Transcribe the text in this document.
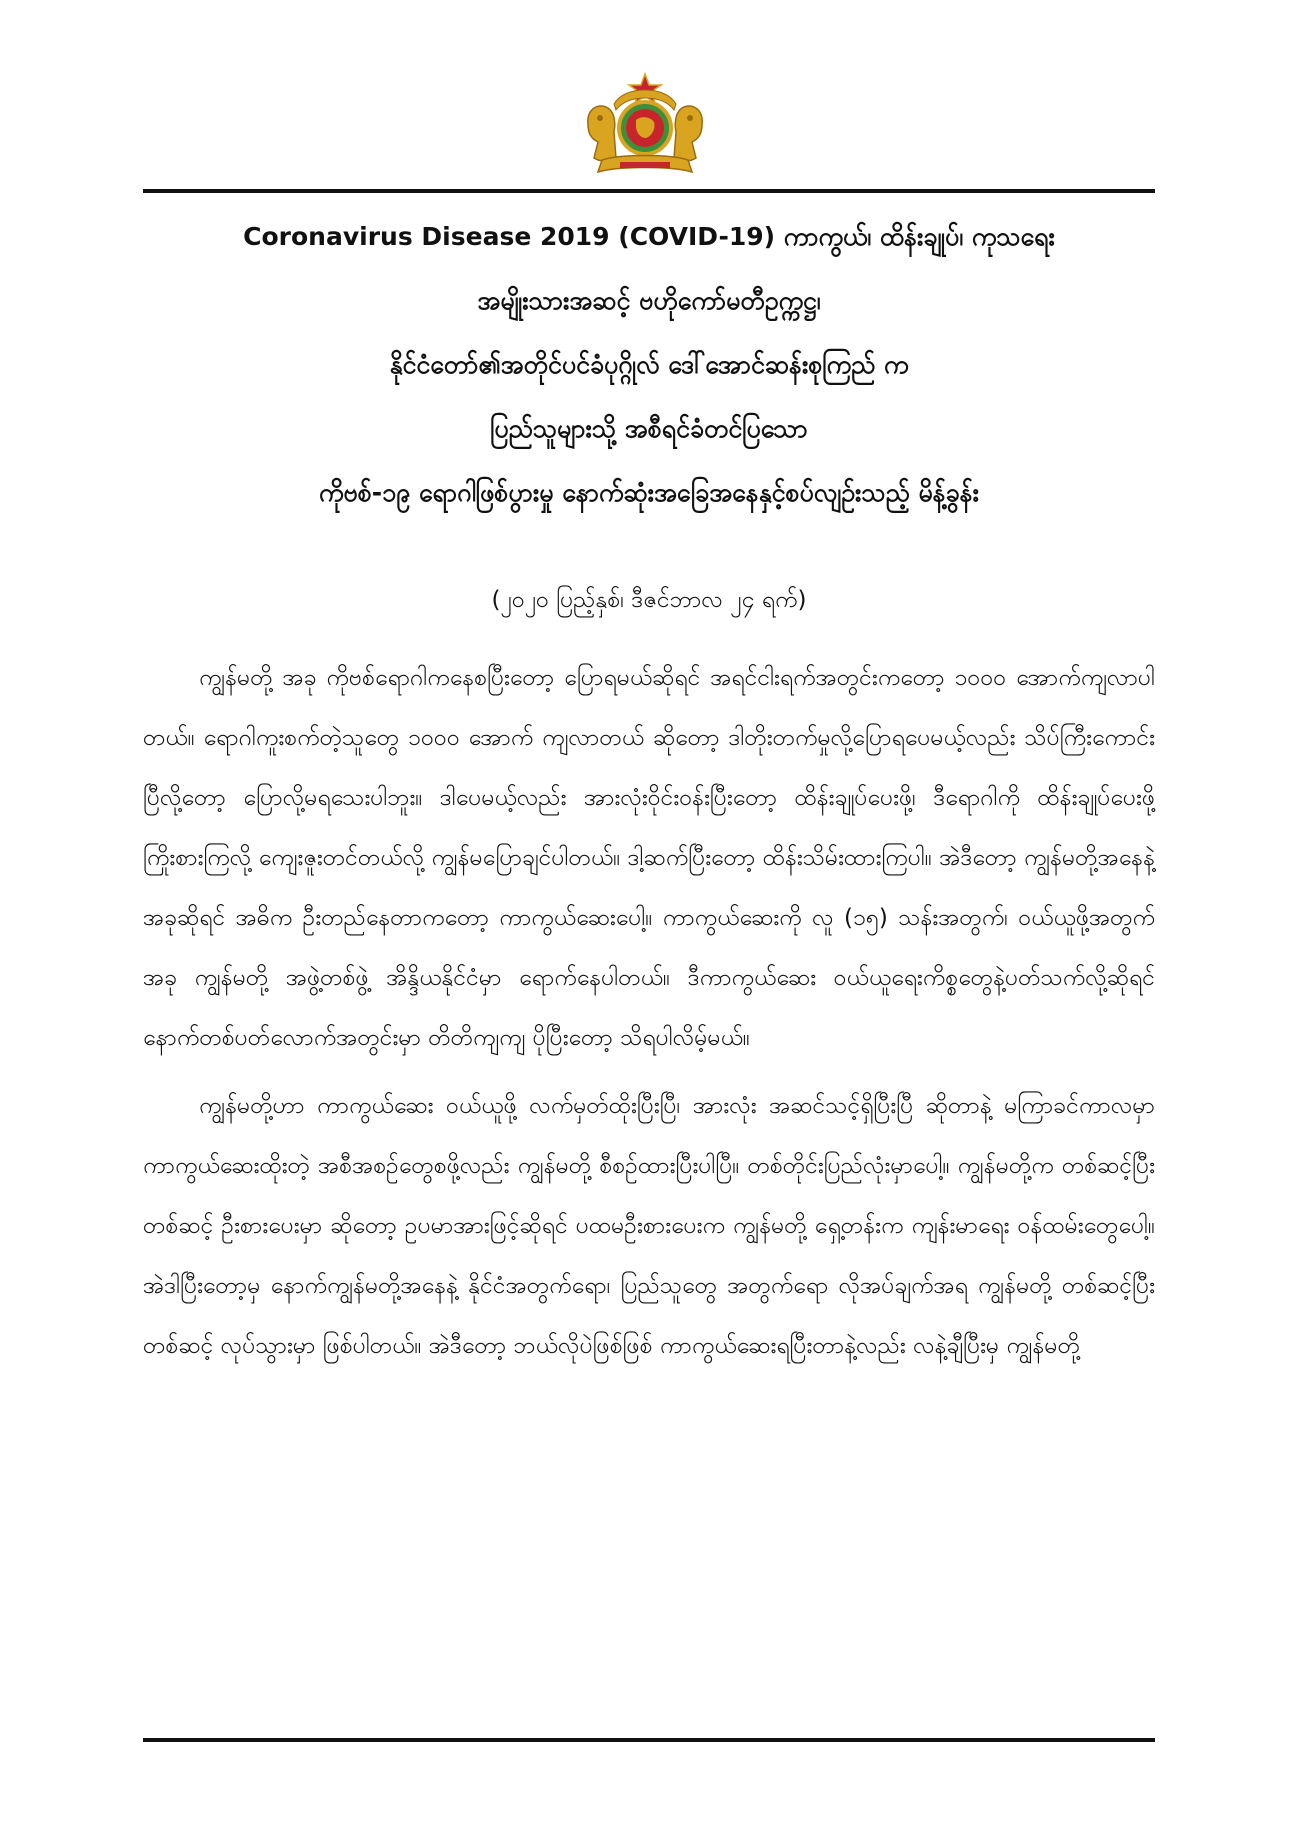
Coronavirus Disease 2019 (COVID-19) ကာကွယ်၊ ထိန်းချုပ်၊ ကုသရေး
အမျိုးသားအဆင့် ဗဟိုကော်မတီဥက္ကဋ္ဌ၊
နိုင်ငံတော်၏အတိုင်ပင်ခံပုဂ္ဂိုလ် ဒေါ်အောင်ဆန်းစုကြည် က
ပြည်သူများသို့ အစီရင်ခံတင်ပြသော
ကိုဗစ်-၁၉ ရောဂါဖြစ်ပွားမှု နောက်ဆုံးအခြေအနေနှင့်စပ်လျဉ်းသည့် မိန့်ခွန်း
(၂၀၂၀ ပြည့်နှစ်၊ ဒီဇင်ဘာလ ၂၄ ရက်)

ကျွန်မတို့ အခု ကိုဗစ်ရောဂါကနေစပြီးတော့ ပြောရမယ်ဆိုရင် အရင်ငါးရက်အတွင်းကတော့ ၁၀၀၀ အောက်ကျလာပါတယ်။ ရောဂါကူးစက်တဲ့သူတွေ ၁၀၀၀ အောက် ကျလာတယ် ဆိုတော့ ဒါတိုးတက်မှုလို့ပြောရပေမယ့်လည်း သိပ်ကြီးကောင်းပြီလို့တော့ ပြောလို့မရသေးပါဘူး။ ဒါပေမယ့်လည်း အားလုံးဝိုင်းဝန်းပြီးတော့ ထိန်းချုပ်ပေးဖို့၊ ဒီရောဂါကို ထိန်းချုပ်ပေးဖို့ ကြိုးစားကြလို့ ကျေးဇူးတင်တယ်လို့ ကျွန်မပြောချင်ပါတယ်။ ဒါ့ဆက်ပြီးတော့ ထိန်းသိမ်းထားကြပါ။ အဲဒီတော့ ကျွန်မတို့အနေနဲ့ အခုဆိုရင် အဓိက ဦးတည်နေတာကတော့ ကာကွယ်ဆေးပေါ့။ ကာကွယ်ဆေးကို လူ (၁၅) သန်းအတွက်၊ ဝယ်ယူဖို့အတွက် အခု ကျွန်မတို့ အဖွဲ့တစ်ဖွဲ့ အိန္ဒိယနိုင်ငံမှာ ရောက်နေပါတယ်။ ဒီကာကွယ်ဆေး ဝယ်ယူရေးကိစ္စတွေနဲ့ပတ်သက်လို့ဆိုရင် နောက်တစ်ပတ်လောက်အတွင်းမှာ တိတိကျကျ ပိုပြီးတော့ သိရပါလိမ့်မယ်။

ကျွန်မတို့ဟာ ကာကွယ်ဆေး ဝယ်ယူဖို့ လက်မှတ်ထိုးပြီးပြီ၊ အားလုံး အဆင်သင့်ရှိပြီးပြီ ဆိုတာနဲ့ မကြာခင်ကာလမှာ ကာကွယ်ဆေးထိုးတဲ့ အစီအစဉ်တွေစဖို့လည်း ကျွန်မတို့ စီစဉ်ထားပြီးပါပြီ။ တစ်တိုင်းပြည်လုံးမှာပေါ့။ ကျွန်မတို့က တစ်ဆင့်ပြီးတစ်ဆင့် ဦးစားပေးမှာ ဆိုတော့ ဥပမာအားဖြင့်ဆိုရင် ပထမဦးစားပေးက ကျွန်မတို့ ရှေ့တန်းက ကျန်းမာရေး ဝန်ထမ်းတွေပေါ့။ အဲဒါပြီးတော့မှ နောက်ကျွန်မတို့အနေနဲ့ နိုင်ငံအတွက်ရော၊ ပြည်သူတွေ အတွက်ရော လိုအပ်ချက်အရ ကျွန်မတို့ တစ်ဆင့်ပြီးတစ်ဆင့် လုပ်သွားမှာ ဖြစ်ပါတယ်။ အဲဒီတော့ ဘယ်လိုပဲဖြစ်ဖြစ် ကာကွယ်ဆေးရပြီးတာနဲ့လည်း လနဲ့ချီပြီးမှ ကျွန်မတို့
